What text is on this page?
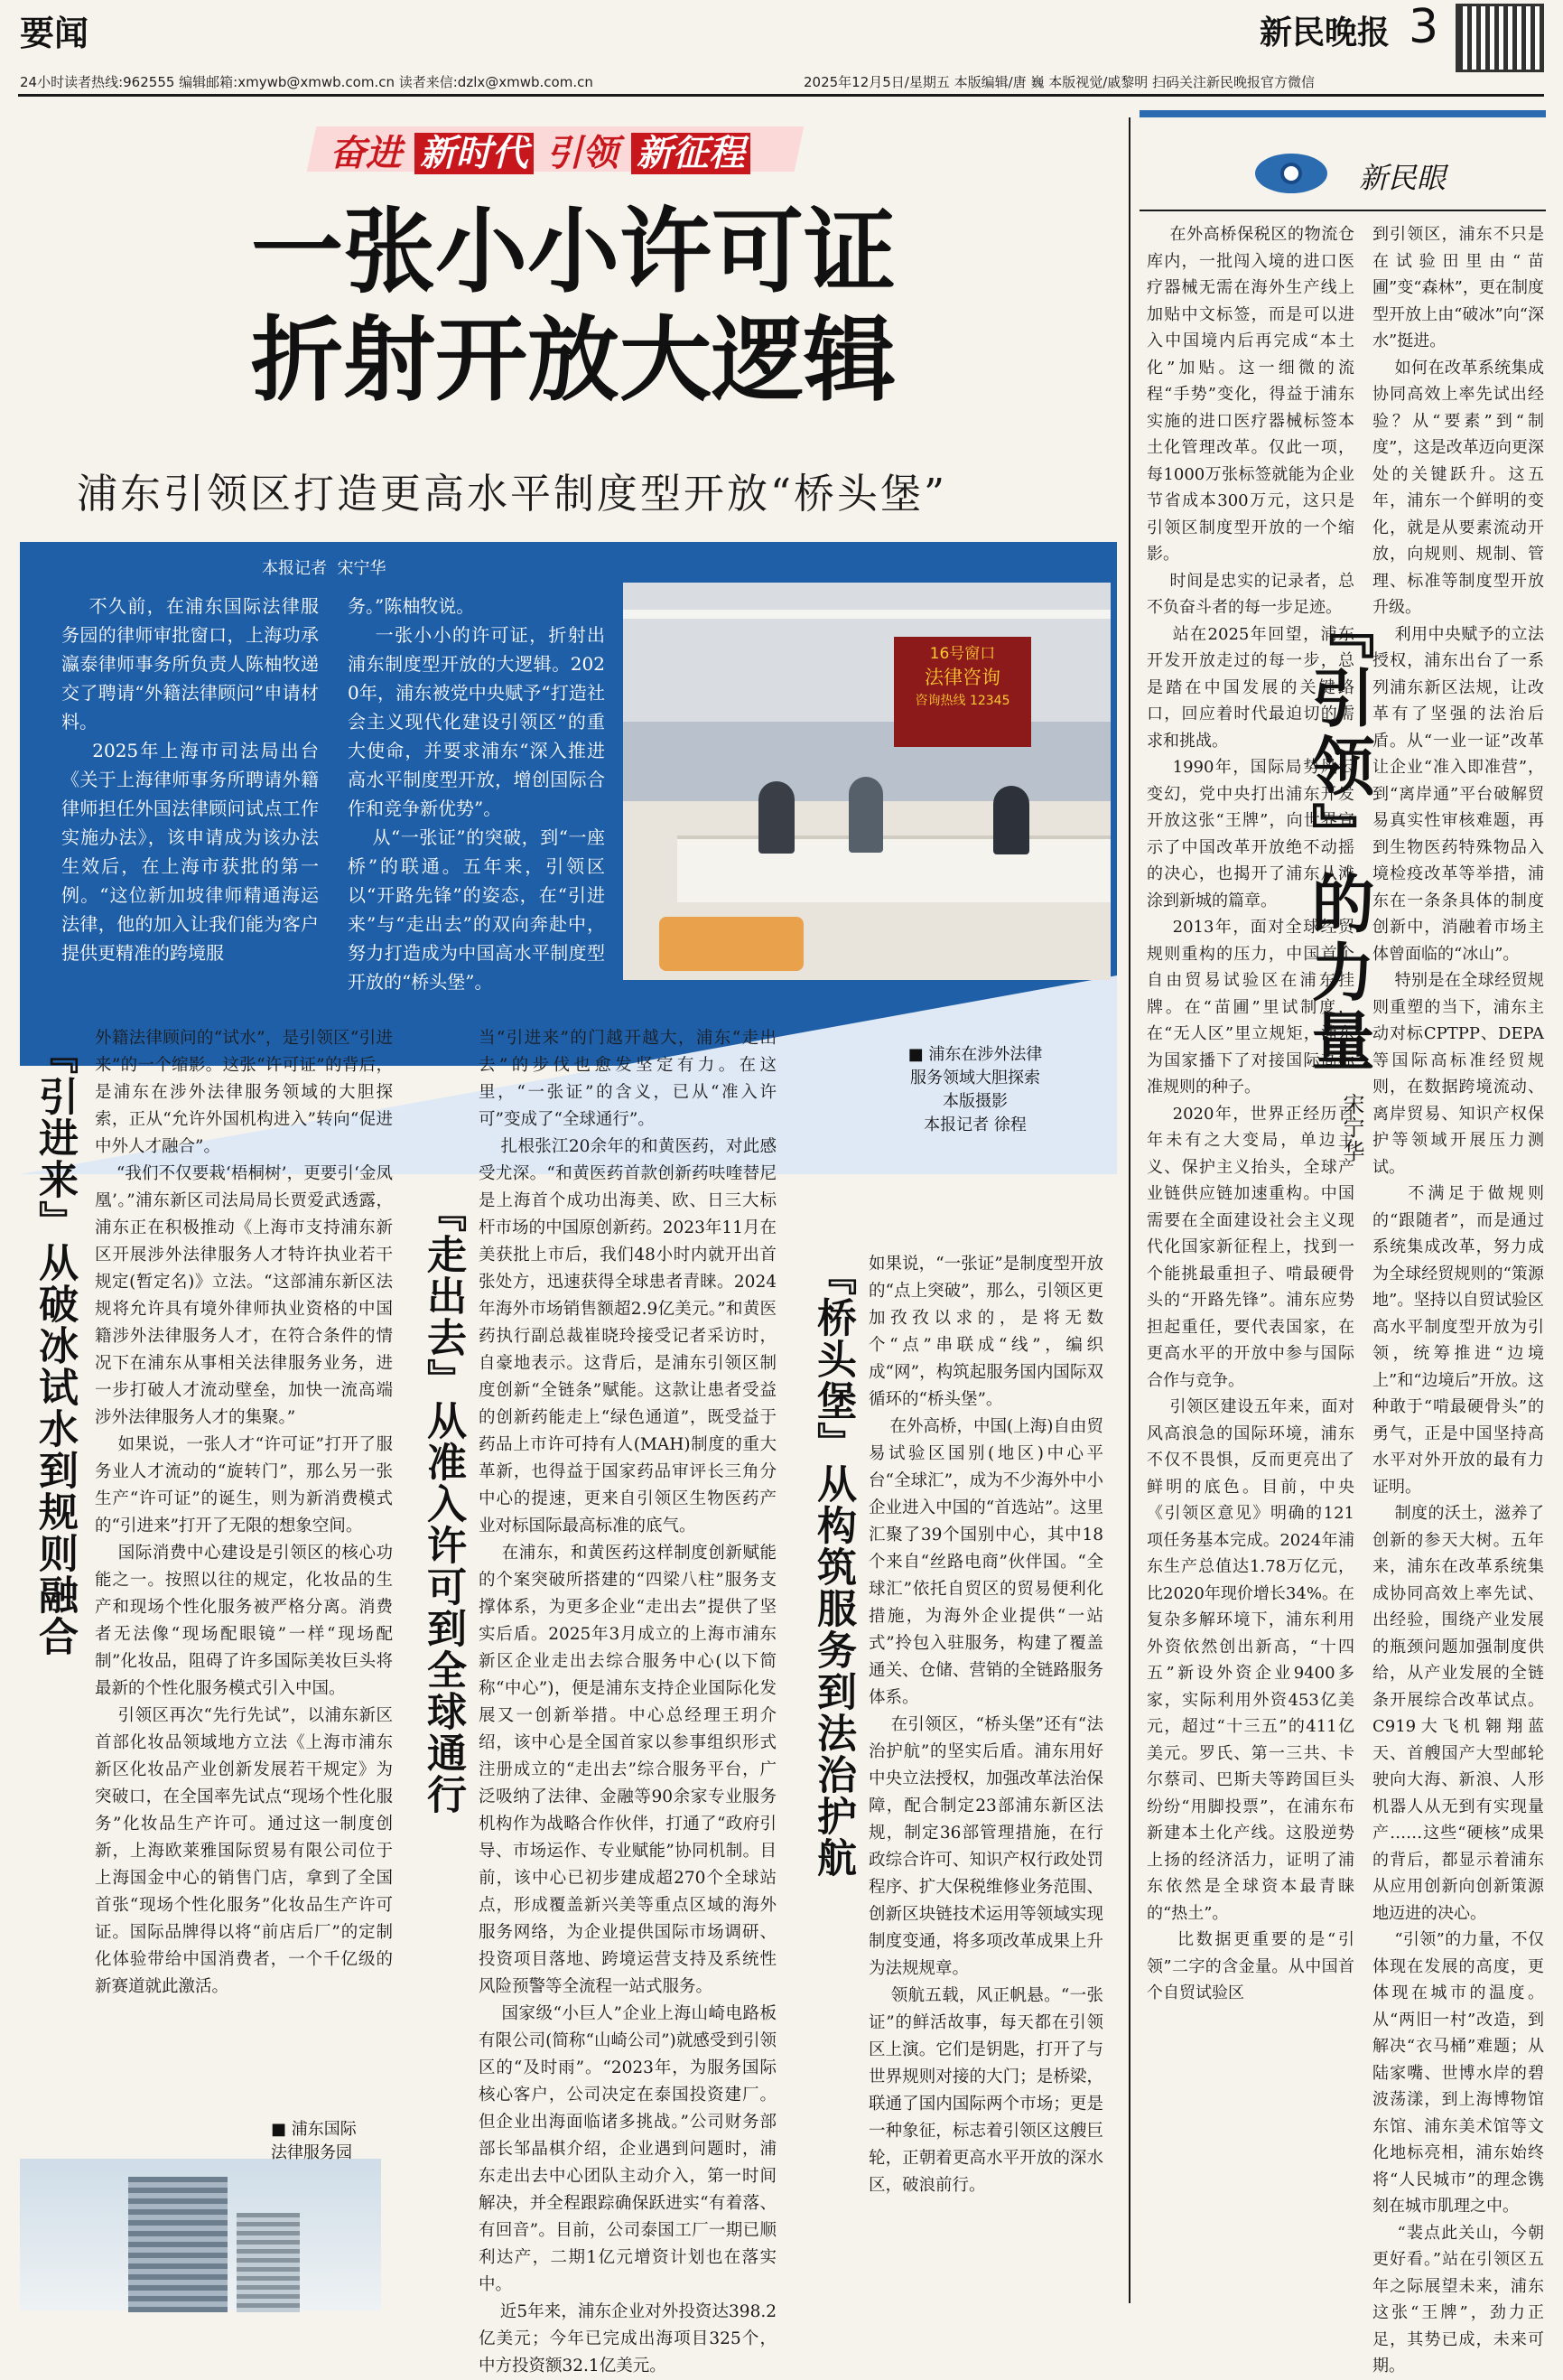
要闻	新民晚报 3
24小时读者热线:962555 编辑邮箱:xmywb@xmwb.com.cn 读者来信:dzlx@xmwb.com.cn	2025年12月5日/星期五 本版编辑/唐 巍 本版视觉/戚黎明 扫码关注新民晚报官方微信
奋进 新时代 引领 新征程
一张小小许可证
折射开放大逻辑
浦东引领区打造更高水平制度型开放“桥头堡”
本报记者  宋宁华
不久前，在浦东国际法律服务园的律师审批窗口，上海功承瀛泰律师事务所负责人陈柚牧递交了聘请“外籍法律顾问”申请材料。
2025年上海市司法局出台《关于上海律师事务所聘请外籍律师担任外国法律顾问试点工作实施办法》，该申请成为该办法生效后，在上海市获批的第一例。“这位新加坡律师精通海运法律，他的加入让我们能为客户提供更精准的跨境服
务。”陈柚牧说。
一张小小的许可证，折射出浦东制度型开放的大逻辑。2020年，浦东被党中央赋予“打造社会主义现代化建设引领区”的重大使命，并要求浦东“深入推进高水平制度型开放，增创国际合作和竞争新优势”。
从“一张证”的突破，到“一座桥”的联通。五年来，引领区以“开路先锋”的姿态，在“引进来”与“走出去”的双向奔赴中，努力打造成为中国高水平制度型开放的“桥头堡”。
16号窗口
法律咨询
咨询热线 12345
■ 浦东在涉外法律
服务领域大胆探索
本版摄影
本报记者 徐程
『引进来』从破冰试水到规则融合	外籍法律顾问的“试水”，是引领区“引进来”的一个缩影。这张“许可证”的背后，是浦东在涉外法律服务领域的大胆探索，正从“允许外国机构进入”转向“促进中外人才融合”。
“我们不仅要栽‘梧桐树’，更要引‘金凤凰’。”浦东新区司法局局长贾爱武透露，浦东正在积极推动《上海市支持浦东新区开展涉外法律服务人才特许执业若干规定(暂定名)》立法。“这部浦东新区法规将允许具有境外律师执业资格的中国籍涉外法律服务人才，在符合条件的情况下在浦东从事相关法律服务业务，进一步打破人才流动壁垒，加快一流高端涉外法律服务人才的集聚。”
如果说，一张人才“许可证”打开了服务业人才流动的“旋转门”，那么另一张生产“许可证”的诞生，则为新消费模式的“引进来”打开了无限的想象空间。
国际消费中心建设是引领区的核心功能之一。按照以往的规定，化妆品的生产和现场个性化服务被严格分离。消费者无法像“现场配眼镜”一样“现场配制”化妆品，阻碍了许多国际美妆巨头将最新的个性化服务模式引入中国。
引领区再次“先行先试”，以浦东新区首部化妆品领域地方立法《上海市浦东新区化妆品产业创新发展若干规定》为突破口，在全国率先试点“现场个性化服务”化妆品生产许可。通过这一制度创新，上海欧莱雅国际贸易有限公司位于上海国金中心的销售门店，拿到了全国首张“现场个性化服务”化妆品生产许可证。国际品牌得以将“前店后厂”的定制化体验带给中国消费者，一个千亿级的新赛道就此激活。
■ 浦东国际
法律服务园
『走出去』从准入许可到全球通行
当“引进来”的门越开越大，浦东“走出去”的步伐也愈发坚定有力。在这里，“一张证”的含义，已从“准入许可”变成了“全球通行”。
扎根张江20余年的和黄医药，对此感受尤深。“和黄医药首款创新药呋喹替尼是上海首个成功出海美、欧、日三大标杆市场的中国原创新药。2023年11月在美获批上市后，我们48小时内就开出首张处方，迅速获得全球患者青睐。2024年海外市场销售额超2.9亿美元。”和黄医药执行副总裁崔晓玲接受记者采访时，自豪地表示。这背后，是浦东引领区制度创新“全链条”赋能。这款让患者受益的创新药能走上“绿色通道”，既受益于药品上市许可持有人(MAH)制度的重大革新，也得益于国家药品审评长三角分中心的提速，更来自引领区生物医药产业对标国际最高标准的底气。
在浦东，和黄医药这样制度创新赋能的个案突破所搭建的“四梁八柱”服务支撑体系，为更多企业“走出去”提供了坚实后盾。2025年3月成立的上海市浦东新区企业走出去综合服务中心(以下简称“中心”)，便是浦东支持企业国际化发展又一创新举措。中心总经理王玥介绍，该中心是全国首家以参事组织形式注册成立的“走出去”综合服务平台，广泛吸纳了法律、金融等90余家专业服务机构作为战略合作伙伴，打通了“政府引导、市场运作、专业赋能”协同机制。目前，该中心已初步建成超270个全球站点，形成覆盖新兴美等重点区域的海外服务网络，为企业提供国际市场调研、投资项目落地、跨境运营支持及系统性风险预警等全流程一站式服务。
国家级“小巨人”企业上海山崎电路板有限公司(简称“山崎公司”)就感受到引领区的“及时雨”。“2023年，为服务国际核心客户，公司决定在泰国投资建厂。但企业出海面临诸多挑战。”公司财务部部长邹晶棋介绍，企业遇到问题时，浦东走出去中心团队主动介入，第一时间解决，并全程跟踪确保跃进实“有着落、有回音”。目前，公司泰国工厂一期已顺利达产，二期1亿元增资计划也在落实中。
近5年来，浦东企业对外投资达398.2亿美元；今年已完成出海项目325个，中方投资额32.1亿美元。
『桥头堡』从构筑服务到法治护航 如果说，“一张证”是制度型开放的“点上突破”，那么，引领区更加孜孜以求的，是将无数个“点”串联成“线”，编织成“网”，构筑起服务国内国际双循环的“桥头堡”。
在外高桥，中国(上海)自由贸易试验区国别(地区)中心平台“全球汇”，成为不少海外中小企业进入中国的“首选站”。这里汇聚了39个国别中心，其中18个来自“丝路电商”伙伴国。“全球汇”依托自贸区的贸易便利化措施，为海外企业提供“一站式”拎包入驻服务，构建了覆盖通关、仓储、营销的全链路服务体系。
在引领区，“桥头堡”还有“法治护航”的坚实后盾。浦东用好中央立法授权，加强改革法治保障，配合制定23部浦东新区法规，制定36部管理措施，在行政综合许可、知识产权行政处罚程序、扩大保税维修业务范围、创新区块链技术运用等领域实现制度变通，将多项改革成果上升为法规规章。
领航五载，风正帆悬。“一张证”的鲜活故事，每天都在引领区上演。它们是钥匙，打开了与世界规则对接的大门；是桥梁，联通了国内国际两个市场；更是一种象征，标志着引领区这艘巨轮，正朝着更高水平开放的深水区，破浪前行。
新民眼
在外高桥保税区的物流仓库内，一批闯入境的进口医疗器械无需在海外生产线上加贴中文标签，而是可以进入中国境内后再完成“本土化”加贴。这一细微的流程“手势”变化，得益于浦东实施的进口医疗器械标签本土化管理改革。仅此一项，每1000万张标签就能为企业节省成本300万元，这只是引领区制度型开放的一个缩影。
时间是忠实的记录者，总不负奋斗者的每一步足迹。
站在2025年回望，浦东开发开放走过的每一步，总是踏在中国发展的关键路口，回应着时代最迫切的需求和挑战。
1990年，国际局势风云变幻，党中央打出浦东开发开放这张“王牌”，向世界宣示了中国改革开放绝不动摇的决心，也揭开了浦东从滩涂到新城的篇章。
2013年，面对全球经贸规则重构的压力，中国首个自由贸易试验区在浦东挂牌。在“苗圃”里试制度，在“无人区”里立规矩，浦东为国家播下了对接国际高标准规则的种子。
2020年，世界正经历百年未有之大变局，单边主义、保护主义抬头，全球产业链供应链加速重构。中国需要在全面建设社会主义现代化国家新征程上，找到一个能挑最重担子、啃最硬骨头的“开路先锋”。浦东应势担起重任，要代表国家，在更高水平的开放中参与国际合作与竞争。
引领区建设五年来，面对风高浪急的国际环境，浦东不仅不畏惧，反而更亮出了鲜明的底色。目前，中央《引领区意见》明确的121项任务基本完成。2024年浦东生产总值达1.78万亿元，比2020年现价增长34%。在复杂多解环境下，浦东利用外资依然创出新高，“十四五”新设外资企业9400多家，实际利用外资453亿美元，超过“十三五”的411亿美元。罗氏、第一三共、卡尔蔡司、巴斯夫等跨国巨头纷纷“用脚投票”，在浦东布新建本土化产线。这股逆势上扬的经济活力，证明了浦东依然是全球资本最青睐的“热土”。
比数据更重要的是“引领”二字的含金量。从中国首个自贸试验区
『引领』的力量
宋宁华
到引领区，浦东不只是在试验田里由“苗圃”变“森林”，更在制度型开放上由“破冰”向“深水”挺进。
如何在改革系统集成协同高效上率先试出经验？从“要素”到“制度”，这是改革迈向更深处的关键跃升。这五年，浦东一个鲜明的变化，就是从要素流动开放，向规则、规制、管理、标准等制度型开放升级。
利用中央赋予的立法授权，浦东出台了一系列浦东新区法规，让改革有了坚强的法治后盾。从“一业一证”改革让企业“准入即准营”，到“离岸通”平台破解贸易真实性审核难题，再到生物医药特殊物品入境检疫改革等举措，浦东在一条条具体的制度创新中，消融着市场主体曾面临的“冰山”。
特别是在全球经贸规则重塑的当下，浦东主动对标CPTPP、DEPA等国际高标准经贸规则，在数据跨境流动、离岸贸易、知识产权保护等领域开展压力测试。
不满足于做规则的“跟随者”，而是通过系统集成改革，努力成为全球经贸规则的“策源地”。坚持以自贸试验区高水平制度型开放为引领，统筹推进“边境上”和“边境后”开放。这种敢于“啃最硬骨头”的勇气，正是中国坚持高水平对外开放的最有力证明。
制度的沃土，滋养了创新的参天大树。五年来，浦东在改革系统集成协同高效上率先试、出经验，围绕产业发展的瓶颈问题加强制度供给，从产业发展的全链条开展综合改革试点。C919大飞机翱翔蓝天、首艘国产大型邮轮驶向大海、新浪、人形机器人从无到有实现量产……这些“硬核”成果的背后，都显示着浦东从应用创新向创新策源地迈进的决心。
“引领”的力量，不仅体现在发展的高度，更体现在城市的温度。从“两旧一村”改造，到解决“衣马桶”难题；从陆家嘴、世博水岸的碧波荡漾，到上海博物馆东馆、浦东美术馆等文化地标亮相，浦东始终将“人民城市”的理念镌刻在城市肌理之中。
“裴点此关山，今朝更好看。”站在引领区五年之际展望未来，浦东这张“王牌”，劲力正足，其势已成，未来可期。
